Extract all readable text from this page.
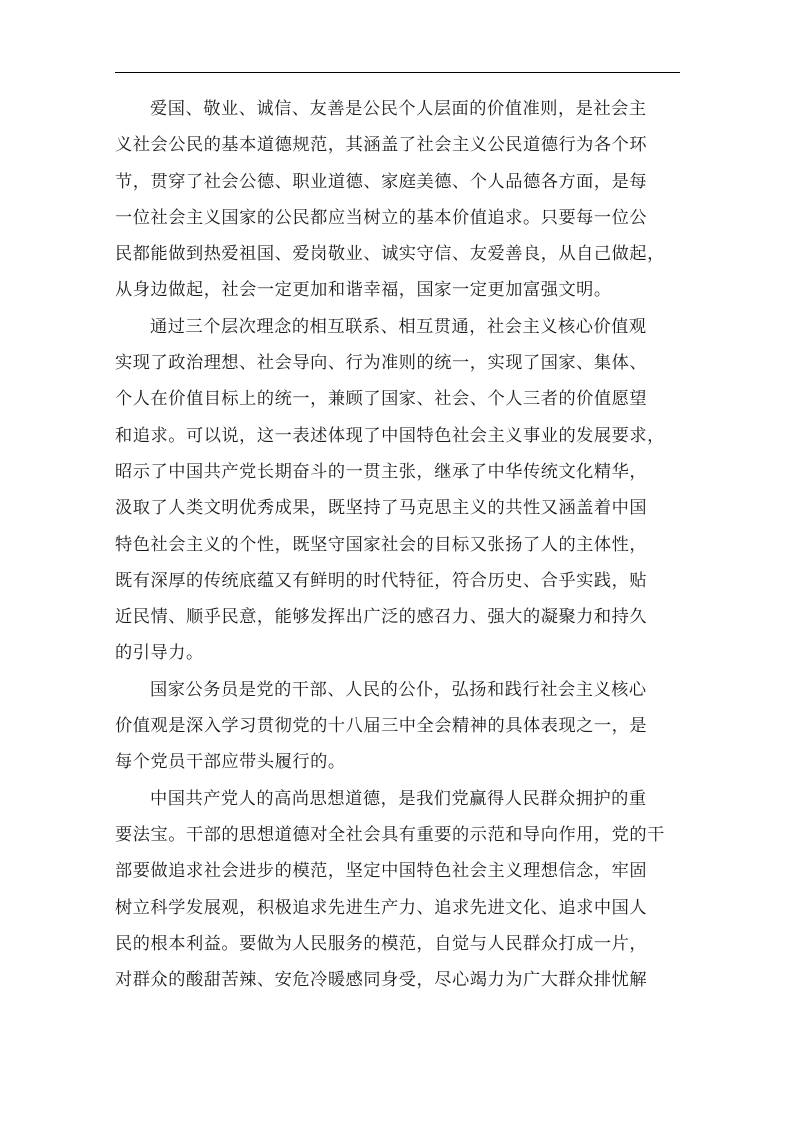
爱国、敬业、诚信、友善是公民个人层面的价值准则，是社会主
义社会公民的基本道德规范，其涵盖了社会主义公民道德行为各个环
节，贯穿了社会公德、职业道德、家庭美德、个人品德各方面，是每
一位社会主义国家的公民都应当树立的基本价值追求。只要每一位公
民都能做到热爱祖国、爱岗敬业、诚实守信、友爱善良，从自己做起，
从身边做起，社会一定更加和谐幸福，国家一定更加富强文明。

通过三个层次理念的相互联系、相互贯通，社会主义核心价值观
实现了政治理想、社会导向、行为准则的统一，实现了国家、集体、
个人在价值目标上的统一，兼顾了国家、社会、个人三者的价值愿望
和追求。可以说，这一表述体现了中国特色社会主义事业的发展要求，
昭示了中国共产党长期奋斗的一贯主张，继承了中华传统文化精华，
汲取了人类文明优秀成果，既坚持了马克思主义的共性又涵盖着中国
特色社会主义的个性，既坚守国家社会的目标又张扬了人的主体性，
既有深厚的传统底蕴又有鲜明的时代特征，符合历史、合乎实践，贴
近民情、顺乎民意，能够发挥出广泛的感召力、强大的凝聚力和持久
的引导力。

国家公务员是党的干部、人民的公仆，弘扬和践行社会主义核心
价值观是深入学习贯彻党的十八届三中全会精神的具体表现之一，是
每个党员干部应带头履行的。

中国共产党人的高尚思想道德，是我们党赢得人民群众拥护的重
要法宝。干部的思想道德对全社会具有重要的示范和导向作用，党的干
部要做追求社会进步的模范，坚定中国特色社会主义理想信念，牢固
树立科学发展观，积极追求先进生产力、追求先进文化、追求中国人
民的根本利益。要做为人民服务的模范，自觉与人民群众打成一片，
对群众的酸甜苦辣、安危冷暖感同身受，尽心竭力为广大群众排忧解
